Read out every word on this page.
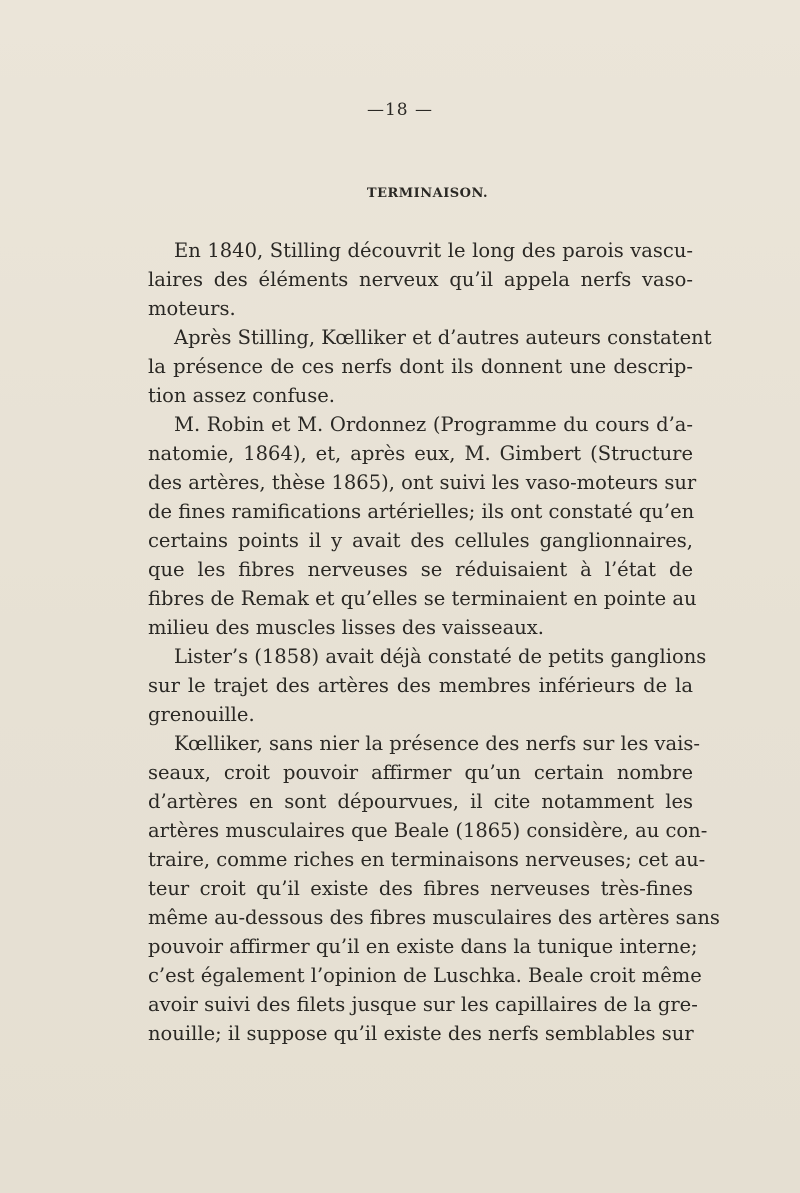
—18 —
TERMINAISON.
En 1840, Stilling découvrit le long des parois vascu-
laires des éléments nerveux qu’il appela nerfs vaso-
moteurs.
Après Stilling, Kœlliker et d’autres auteurs constatent
la présence de ces nerfs dont ils donnent une descrip-
tion assez confuse.
M. Robin et M. Ordonnez (Programme du cours d’a-
natomie, 1864), et, après eux, M. Gimbert (Structure
des artères, thèse 1865), ont suivi les vaso-moteurs sur
de fines ramifications artérielles; ils ont constaté qu’en
certains points il y avait des cellules ganglionnaires,
que les fibres nerveuses se réduisaient à l’état de
fibres de Remak et qu’elles se terminaient en pointe au
milieu des muscles lisses des vaisseaux.
Lister’s (1858) avait déjà constaté de petits ganglions
sur le trajet des artères des membres inférieurs de la
grenouille.
Kœlliker, sans nier la présence des nerfs sur les vais-
seaux, croit pouvoir affirmer qu’un certain nombre
d’artères en sont dépourvues, il cite notamment les
artères musculaires que Beale (1865) considère, au con-
traire, comme riches en terminaisons nerveuses; cet au-
teur croit qu’il existe des fibres nerveuses très-fines
même au-dessous des fibres musculaires des artères sans
pouvoir affirmer qu’il en existe dans la tunique interne;
c’est également l’opinion de Luschka. Beale croit même
avoir suivi des filets jusque sur les capillaires de la gre-
nouille; il suppose qu’il existe des nerfs semblables sur
